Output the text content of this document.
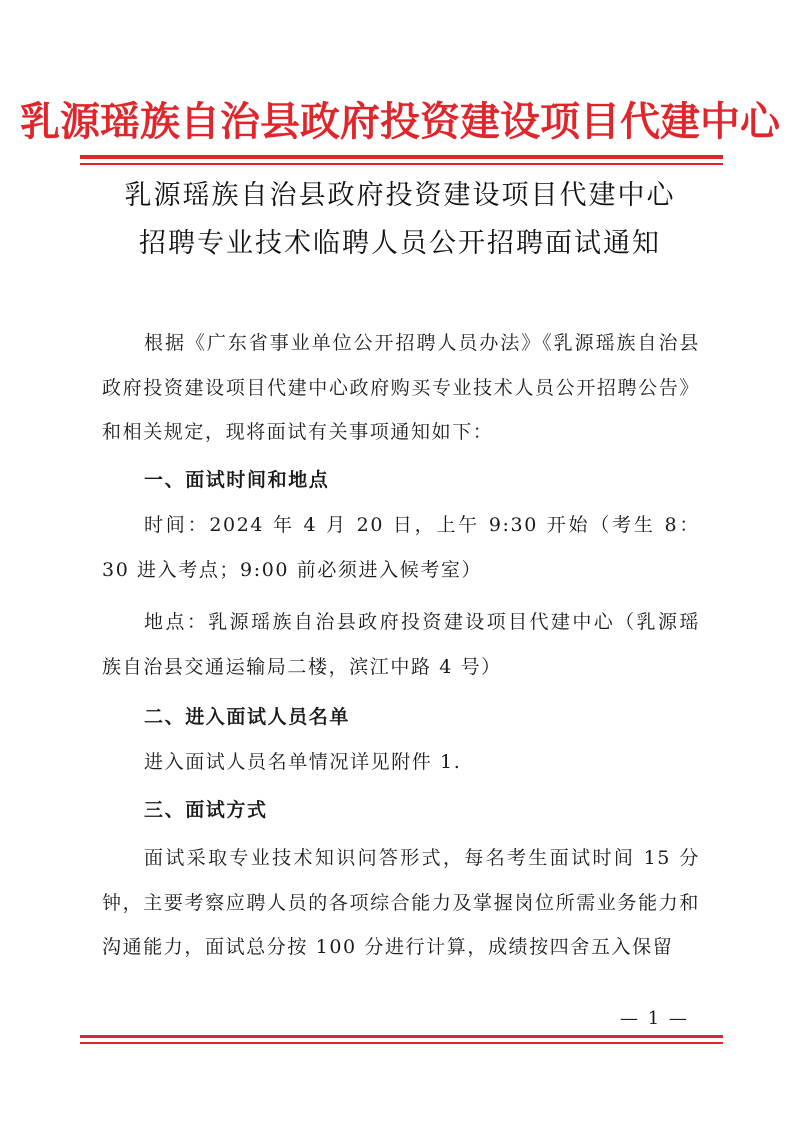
乳源瑶族自治县政府投资建设项目代建中心
乳源瑶族自治县政府投资建设项目代建中心
招聘专业技术临聘人员公开招聘面试通知
根据《广东省事业单位公开招聘人员办法》《乳源瑶族自治县政府投资建设项目代建中心政府购买专业技术人员公开招聘公告》和相关规定，现将面试有关事项通知如下：
一、面试时间和地点
时间：2024 年 4 月 20 日，上午 9:30 开始（考生 8：30 进入考点；9:00 前必须进入候考室）
地点：乳源瑶族自治县政府投资建设项目代建中心（乳源瑶族自治县交通运输局二楼，滨江中路 4 号）
二、进入面试人员名单
进入面试人员名单情况详见附件 1.
三、面试方式
面试采取专业技术知识问答形式，每名考生面试时间 15 分钟，主要考察应聘人员的各项综合能力及掌握岗位所需业务能力和沟通能力，面试总分按 100 分进行计算，成绩按四舍五入保留
— 1 —
